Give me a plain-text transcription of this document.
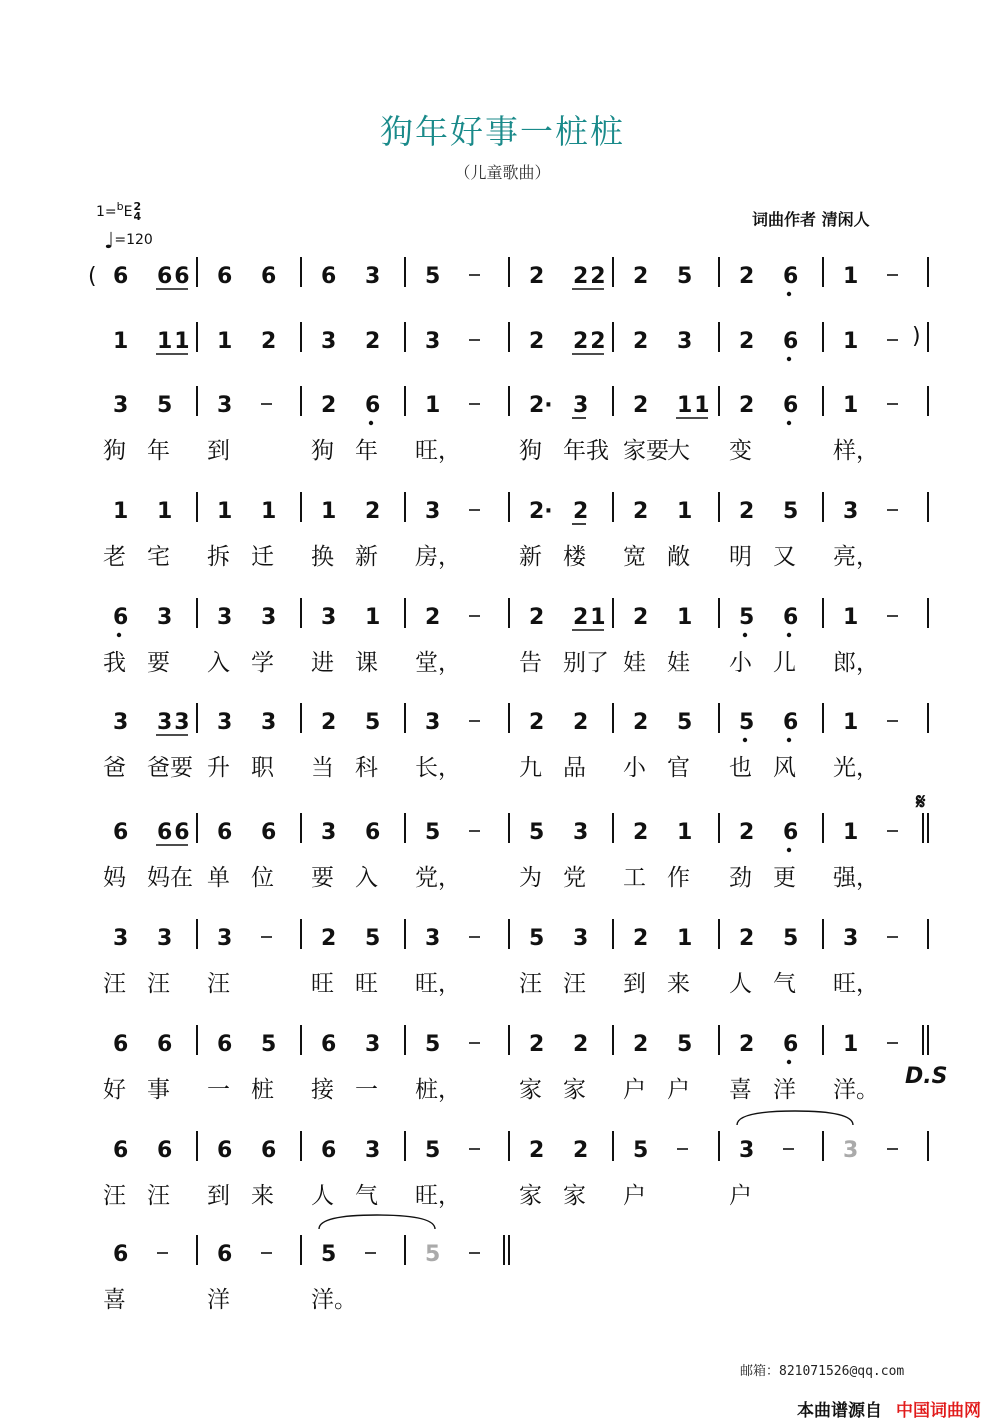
狗年好事一桩桩
（儿童歌曲）
1=$^b$E2
4
♩=120
词曲作者 清闲人
( 6 66 6 6 6 3 5	2 22 2 5 2 6 1
)
1 11 1 2 3 2 3	2 22 2 3 2 6 1
3 5
狗 年
3
到
2 6
狗 年
1
旺，
2· 3
狗 年我
2 11
家要
大
2 6
变
1
样，
1 1
老 宅
1 1
拆 迁
1 2
换 新
3
房，
2· 2
新 楼
2 1
宽 敞
2 5
明 又
3
亮，
6 3
我 要
3 3
入 学
3 1
进 课
2
堂，
2 21
告 别了
2 1
娃 娃
5 6
小 儿
1
郎，
3 33
爸 爸要
3 3
升 职
2 5
当 科
3
长，
2 2
九 品
2 5
小 官
5 6
也 风
1
光，
6 66
妈 妈在
6 6
单 位
3 6
要 入
5
党，
5 3
为 党
2 1
工 作
2 6
劲 更
1
强，
𝄋
3 3
汪 汪
3
汪
2 5
旺 旺
3
旺，
5 3
汪 汪
2 1
到 来
2 5
人 气
3
旺，
6 6
好 事
6 5
一 桩
6 3
接 一
5
桩，
2 2
家 家
2 5
户 户
2 6
喜 洋
1
洋。
D.S
6 6
汪 汪
6 6
到 来
6 3
人 气
5
旺，
2 2
家 家
5
户
3
户
3
6
喜
6
洋
5
洋。
5
邮箱：821071526@qq.com
本曲谱源自 中国词曲网
